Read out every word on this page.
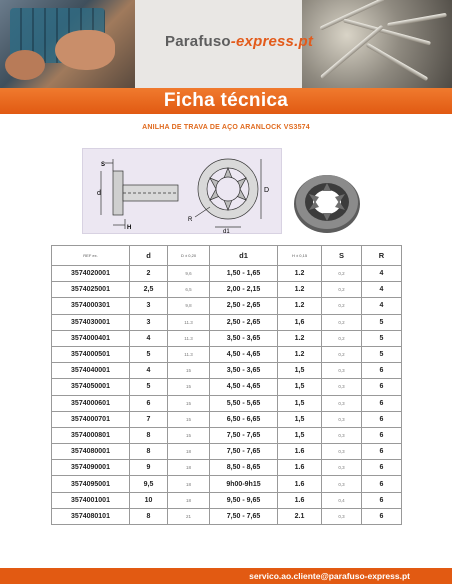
Parafuso-express.pt
Ficha técnica
ANILHA DE TRAVA DE AÇO ARANLOCK VS3574
d
S
H
D
R
d1
REF ex.	d	D ± 0,20	d1	H ± 0,15	S	R
3574020001	2	9,6	1,50 - 1,65	1.2	0,2	4
3574025001	2,5	6,5	2,00 - 2,15	1.2	0,2	4
3574000301	3	9,8	2,50 - 2,65	1.2	0,2	4
3574030001	3	11.3	2,50 - 2,65	1,6	0,2	5
3574000401	4	11.3	3,50 - 3,65	1.2	0,2	5
3574000501	5	11.3	4,50 - 4,65	1.2	0,2	5
3574040001	4	15	3,50 - 3,65	1,5	0,3	6
3574050001	5	15	4,50 - 4,65	1,5	0,3	6
3574000601	6	15	5,50 - 5,65	1,5	0,3	6
3574000701	7	15	6,50 - 6,65	1,5	0,3	6
3574000801	8	15	7,50 - 7,65	1,5	0,3	6
3574080001	8	18	7,50 - 7,65	1.6	0,3	6
3574090001	9	18	8,50 - 8,65	1.6	0,3	6
3574095001	9,5	18	9h00-9h15	1.6	0,3	6
3574001001	10	18	9,50 - 9,65	1.6	0,4	6
3574080101	8	21	7,50 - 7,65	2.1	0,3	6
servico.ao.cliente@parafuso-express.pt
